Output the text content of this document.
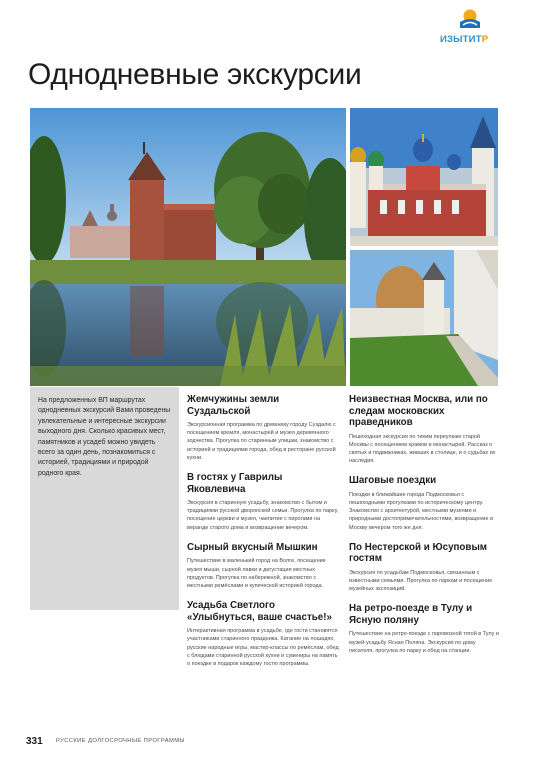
ИЗЫТИТР
Однодневные экскурсии

На предложенных ВП маршрутах однодневных экскурсий Вами проведены увлекательные и интересные экскурсии выходного дня. Сколько красивых мест, памятников и усадеб можно увидеть всего за один день, познакомиться с историей, традициями и природой родного края.

Жемчужины земли Суздальской

Экскурсионная программа по древнему городу Суздалю с посещением кремля, монастырей и музея деревянного зодчества. Прогулка по старинным улицам, знакомство с историей и традициями города, обед в ресторане русской кухни.

В гостях у Гаврилы Яковлевича

Экскурсия в старинную усадьбу, знакомство с бытом и традициями русской дворянской семьи. Прогулка по парку, посещение церкви и музея, чаепитие с пирогами на веранде старого дома и возвращение вечером.

Сырный вкусный Мышкин

Путешествие в маленький город на Волге, посещение музея мыши, сырной лавки и дегустация местных продуктов. Прогулка по набережной, знакомство с местными ремёслами и купеческой историей города.

Усадьба Светлого «Улыбнуться, ваше счастье!»

Интерактивная программа в усадьбе, где гости становятся участниками старинного праздника. Катание на лошадях, русские народные игры, мастер-классы по ремёслам, обед с блюдами старинной русской кухни и сувениры на память о поездке в подарок каждому гостю программы.

Неизвестная Москва, или по следам московских праведников

Пешеходная экскурсия по тихим переулкам старой Москвы с посещением храмов и монастырей. Рассказ о святых и подвижниках, живших в столице, и о судьбах их наследия.

Шаговые поездки

Поездки в ближайшие города Подмосковья с пешеходными прогулками по историческому центру. Знакомство с архитектурой, местными музеями и природными достопримечательностями, возвращение в Москву вечером того же дня.

По Нестерской и Юсуповым гостям

Экскурсия по усадьбам Подмосковья, связанным с известными семьями. Прогулка по паркам и посещение музейных экспозиций.

На ретро-поезде в Тулу и Ясную поляну

Путешествие на ретро-поезде с паровозной тягой в Тулу и музей-усадьбу Ясная Поляна. Экскурсия по дому писателя, прогулка по парку и обед на станции.

331 РУССКИЕ ДОЛГОСРОЧНЫЕ ПРОГРАММЫ
